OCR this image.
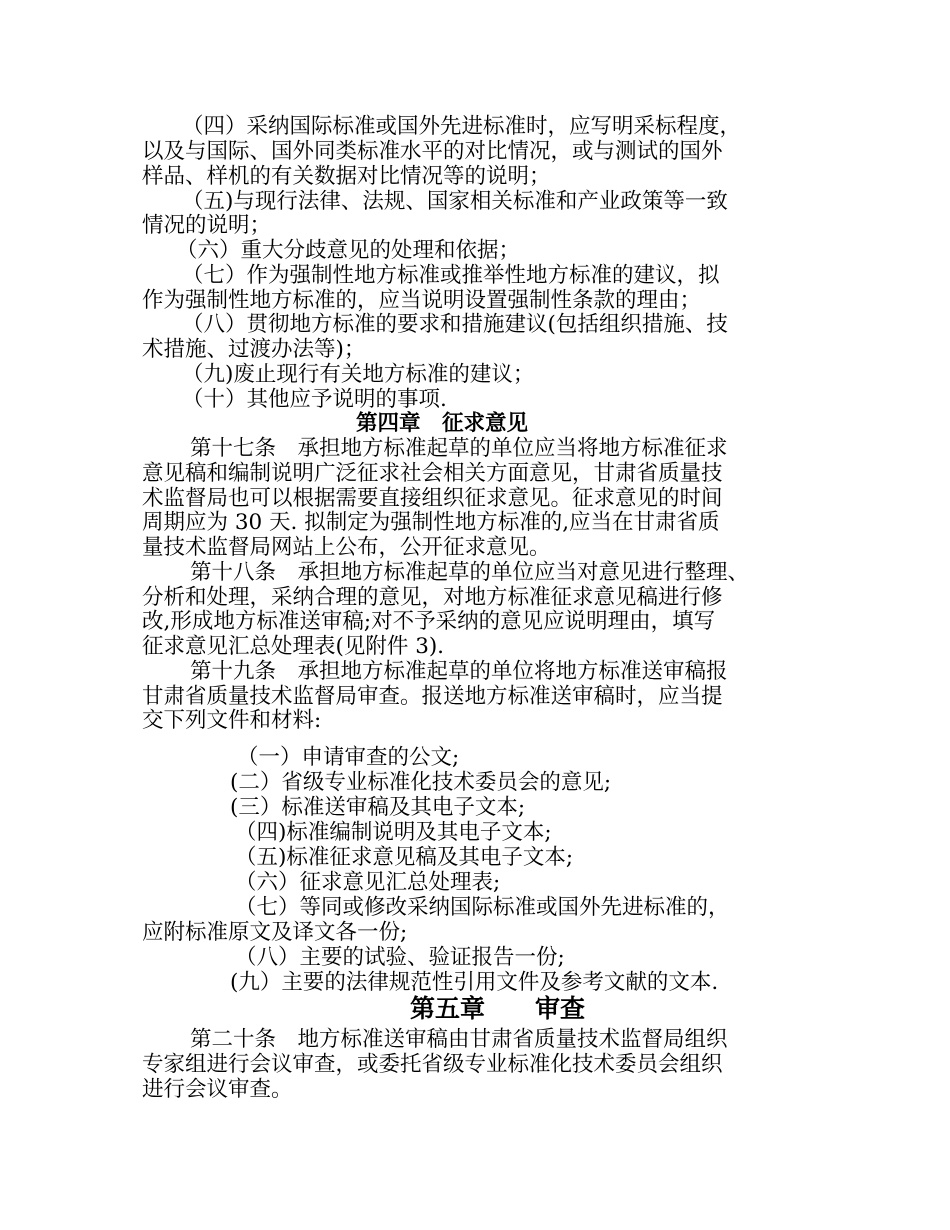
（四）采纳国际标准或国外先进标准时，应写明采标程度，
以及与国际、国外同类标准水平的对比情况，或与测试的国外
样品、样机的有关数据对比情况等的说明；
（五)与现行法律、法规、国家相关标准和产业政策等一致
情况的说明；
（六）重大分歧意见的处理和依据；
（七）作为强制性地方标准或推举性地方标准的建议，拟
作为强制性地方标准的，应当说明设置强制性条款的理由；
（八）贯彻地方标准的要求和措施建议(包括组织措施、技
术措施、过渡办法等)；
（九)废止现行有关地方标准的建议；
（十）其他应予说明的事项.
第四章　征求意见
第十七条　承担地方标准起草的单位应当将地方标准征求
意见稿和编制说明广泛征求社会相关方面意见，甘肃省质量技
术监督局也可以根据需要直接组织征求意见。征求意见的时间
周期应为 30 天. 拟制定为强制性地方标准的,应当在甘肃省质
量技术监督局网站上公布，公开征求意见。
第十八条　承担地方标准起草的单位应当对意见进行整理、
分析和处理，采纳合理的意见，对地方标准征求意见稿进行修
改,形成地方标准送审稿;对不予采纳的意见应说明理由，填写
征求意见汇总处理表(见附件 3)．
第十九条　承担地方标准起草的单位将地方标准送审稿报
甘肃省质量技术监督局审查。报送地方标准送审稿时，应当提
交下列文件和材料:
（一）申请审查的公文;
(二）省级专业标准化技术委员会的意见;
(三）标准送审稿及其电子文本;
（四)标准编制说明及其电子文本;
（五)标准征求意见稿及其电子文本;
（六）征求意见汇总处理表;
（七）等同或修改采纳国际标准或国外先进标准的，
应附标准原文及译文各一份;
（八）主要的试验、验证报告一份;
(九）主要的法律规范性引用文件及参考文献的文本.
第五章　　审查
第二十条　地方标准送审稿由甘肃省质量技术监督局组织
专家组进行会议审查，或委托省级专业标准化技术委员会组织
进行会议审查。
